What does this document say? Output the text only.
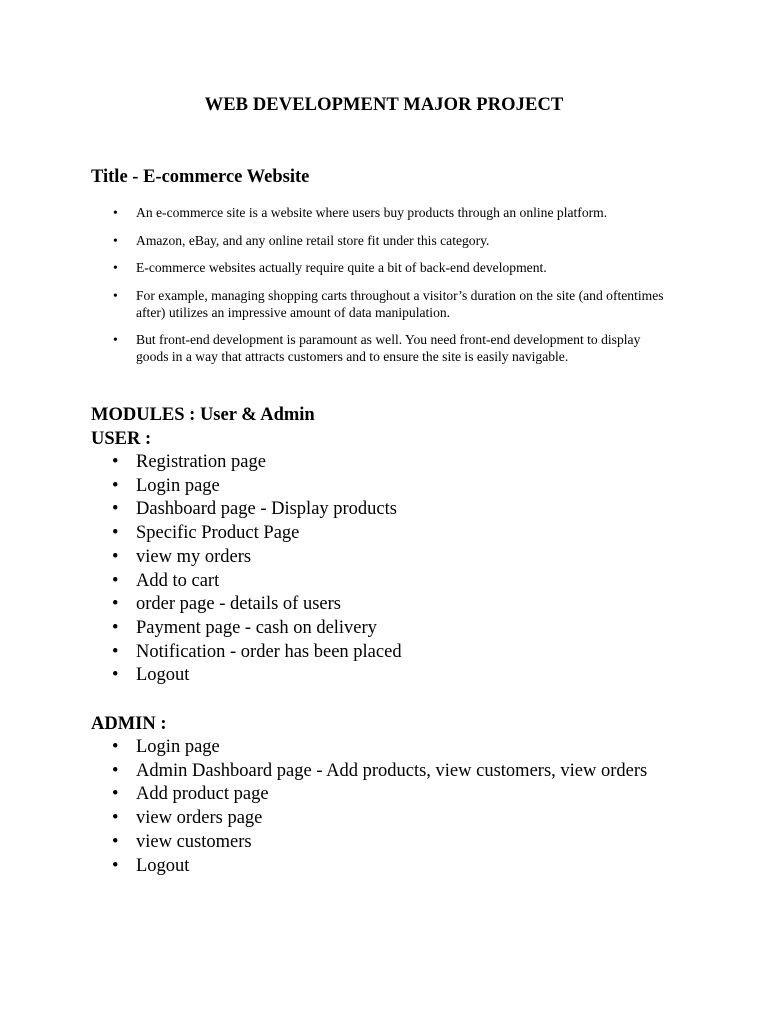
WEB DEVELOPMENT MAJOR PROJECT
Title - E-commerce Website
• An e-commerce site is a website where users buy products through an online platform.
• Amazon, eBay, and any online retail store fit under this category.
• E-commerce websites actually require quite a bit of back-end development.
• For example, managing shopping carts throughout a visitor’s duration on the site (and oftentimes after) utilizes an impressive amount of data manipulation.
• But front-end development is paramount as well. You need front-end development to display goods in a way that attracts customers and to ensure the site is easily navigable.
MODULES : User & Admin
USER :
• Registration page
• Login page
• Dashboard page - Display products
• Specific Product Page
• view my orders
• Add to cart
• order page - details of users
• Payment page - cash on delivery
• Notification - order has been placed
• Logout
ADMIN :
• Login page
• Admin Dashboard page - Add products, view customers, view orders
• Add product page
• view orders page
• view customers
• Logout
